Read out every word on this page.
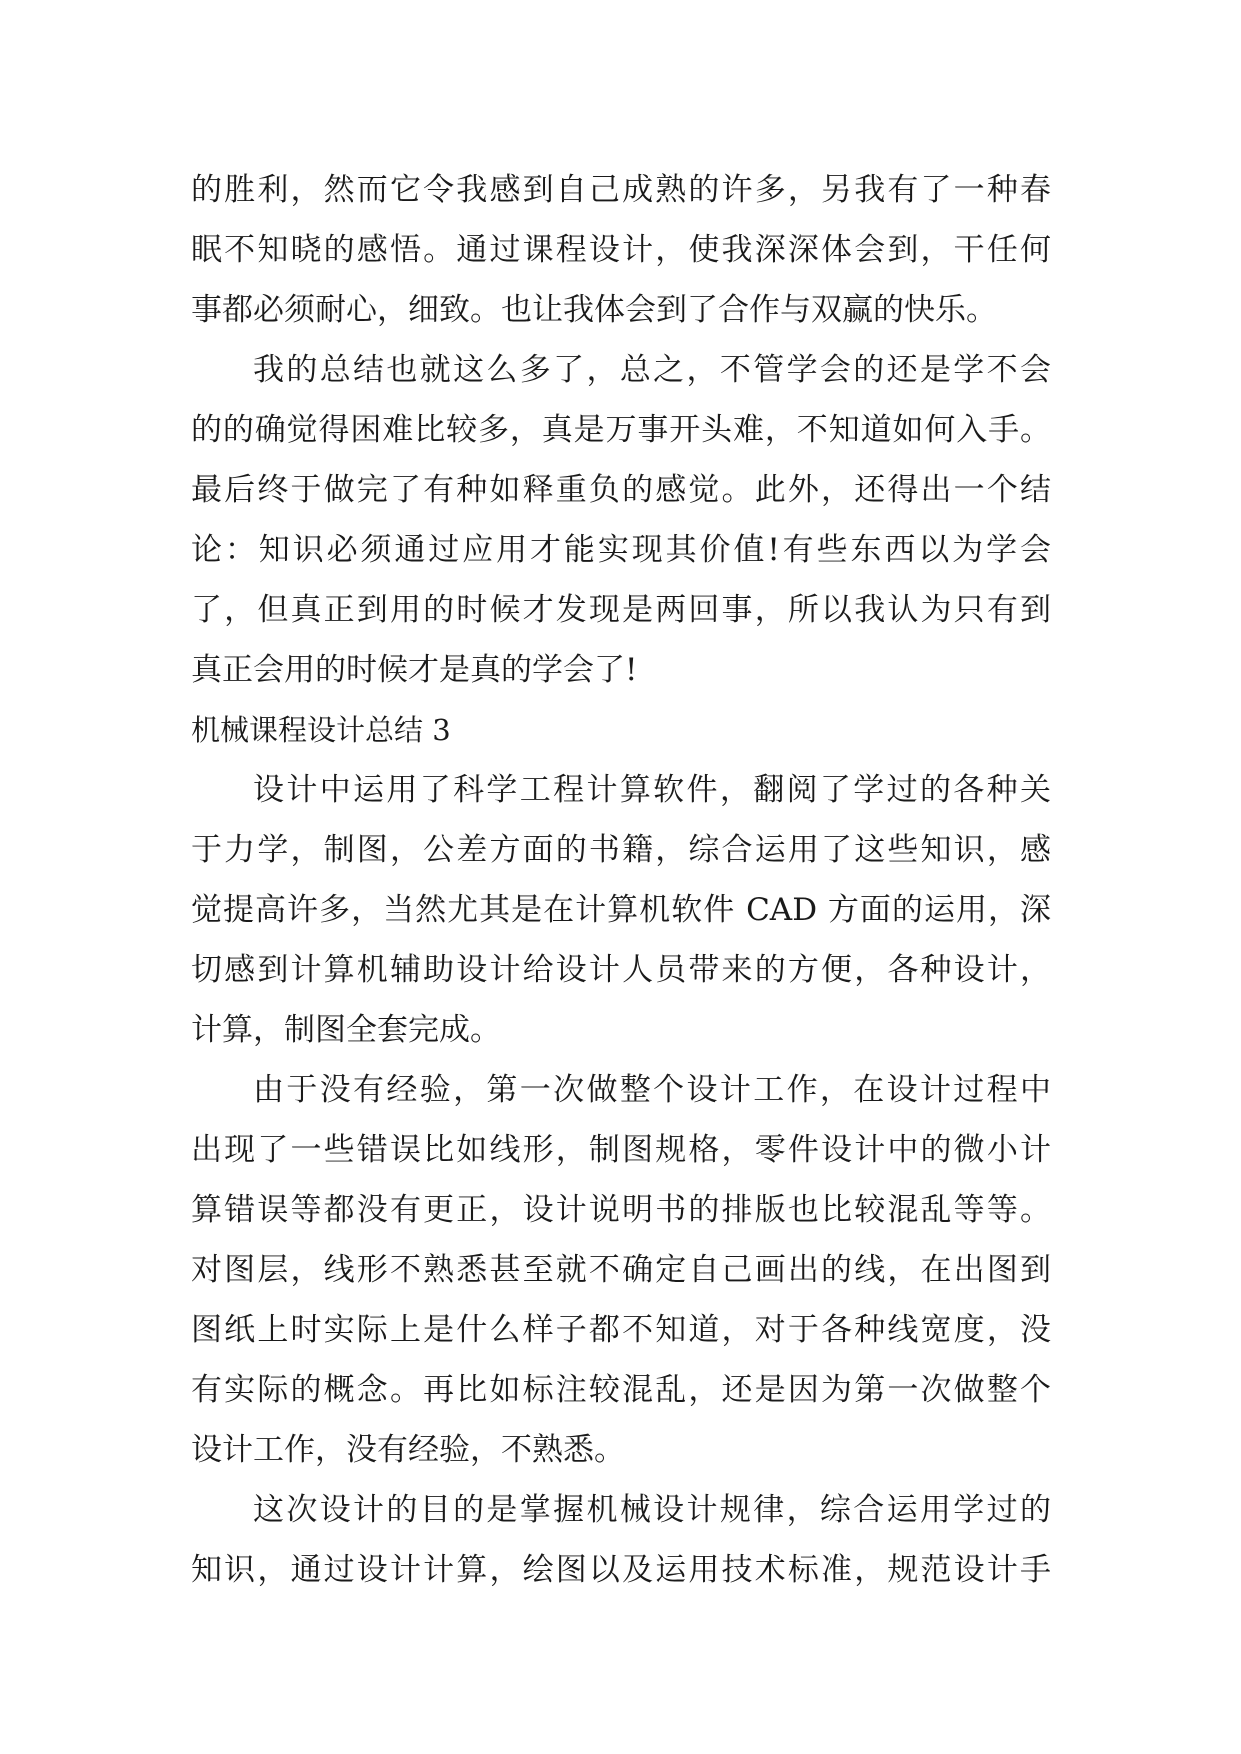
的胜利，然而它令我感到自己成熟的许多，另我有了一种春
眠不知晓的感悟。通过课程设计，使我深深体会到，干任何
事都必须耐心，细致。也让我体会到了合作与双赢的快乐。
我的总结也就这么多了，总之，不管学会的还是学不会
的的确觉得困难比较多，真是万事开头难，不知道如何入手。
最后终于做完了有种如释重负的感觉。此外，还得出一个结
论：知识必须通过应用才能实现其价值!有些东西以为学会
了，但真正到用的时候才发现是两回事，所以我认为只有到
真正会用的时候才是真的学会了!
机械课程设计总结 3
设计中运用了科学工程计算软件，翻阅了学过的各种关
于力学，制图，公差方面的书籍，综合运用了这些知识，感
觉提高许多，当然尤其是在计算机软件 CAD 方面的运用，深
切感到计算机辅助设计给设计人员带来的方便，各种设计，
计算，制图全套完成。
由于没有经验，第一次做整个设计工作，在设计过程中
出现了一些错误比如线形，制图规格，零件设计中的微小计
算错误等都没有更正，设计说明书的排版也比较混乱等等。
对图层，线形不熟悉甚至就不确定自己画出的线，在出图到
图纸上时实际上是什么样子都不知道，对于各种线宽度，没
有实际的概念。再比如标注较混乱，还是因为第一次做整个
设计工作，没有经验，不熟悉。
这次设计的目的是掌握机械设计规律，综合运用学过的
知识，通过设计计算，绘图以及运用技术标准，规范设计手
